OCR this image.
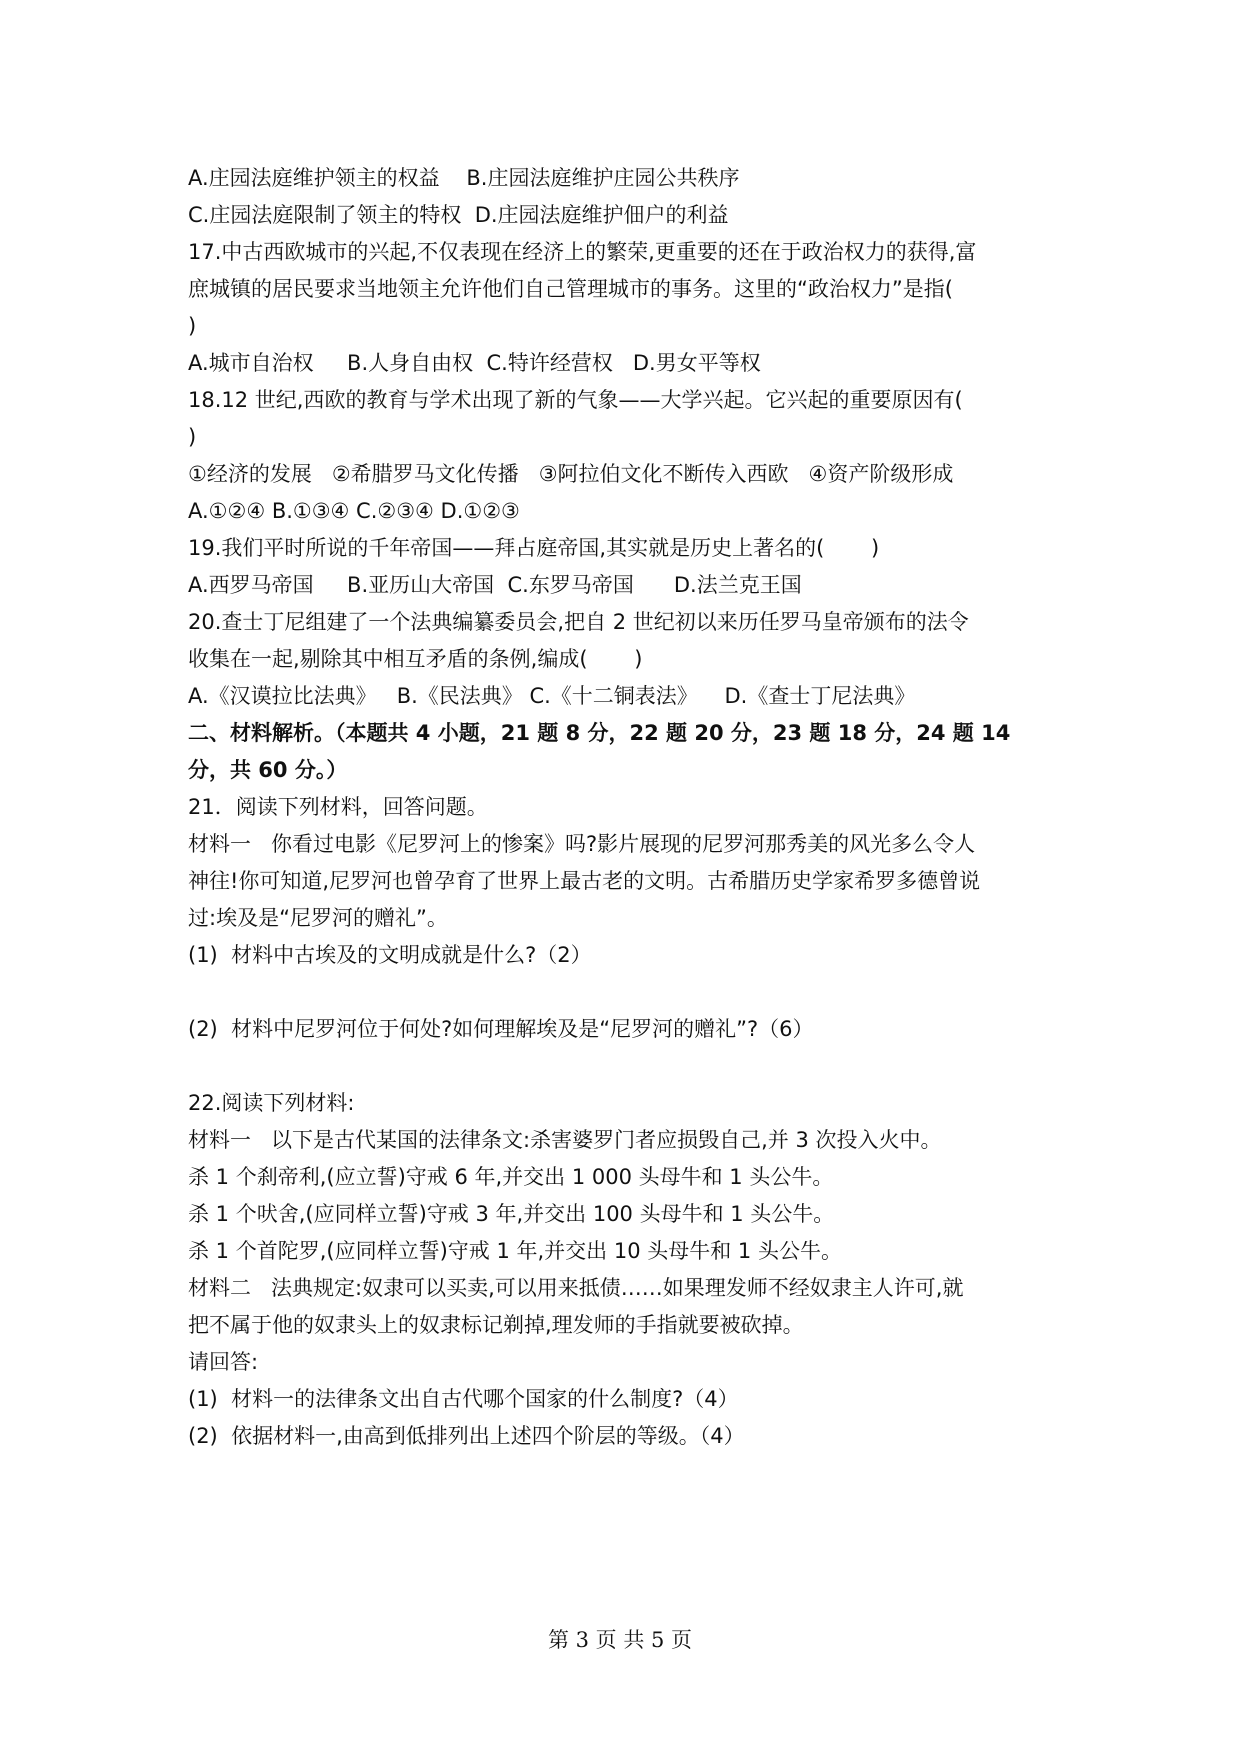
A.庄园法庭维护领主的权益    B.庄园法庭维护庄园公共秩序
C.庄园法庭限制了领主的特权  D.庄园法庭维护佃户的利益
17.中古西欧城市的兴起,不仅表现在经济上的繁荣,更重要的还在于政治权力的获得,富
庶城镇的居民要求当地领主允许他们自己管理城市的事务。这里的“政治权力”是指(
)
A.城市自治权     B.人身自由权  C.特许经营权   D.男女平等权
18.12 世纪,西欧的教育与学术出现了新的气象——大学兴起。它兴起的重要原因有(
)
①经济的发展   ②希腊罗马文化传播   ③阿拉伯文化不断传入西欧   ④资产阶级形成
A.①②④ B.①③④ C.②③④ D.①②③
19.我们平时所说的千年帝国——拜占庭帝国,其实就是历史上著名的(       )
A.西罗马帝国     B.亚历山大帝国  C.东罗马帝国      D.法兰克王国
20.查士丁尼组建了一个法典编纂委员会,把自 2 世纪初以来历任罗马皇帝颁布的法令
收集在一起,剔除其中相互矛盾的条例,编成(       )
A.《汉谟拉比法典》   B.《民法典》 C.《十二铜表法》    D.《查士丁尼法典》
二、材料解析。（本题共 4 小题，21 题 8 分，22 题 20 分，23 题 18 分，24 题 14
分，共 60 分。）
21．阅读下列材料，回答问题。
材料一   你看过电影《尼罗河上的惨案》吗?影片展现的尼罗河那秀美的风光多么令人
神往!你可知道,尼罗河也曾孕育了世界上最古老的文明。古希腊历史学家希罗多德曾说
过:埃及是“尼罗河的赠礼”。
(1)  材料中古埃及的文明成就是什么?（2）
(2)  材料中尼罗河位于何处?如何理解埃及是“尼罗河的赠礼”?（6）
22.阅读下列材料:
材料一   以下是古代某国的法律条文:杀害婆罗门者应损毁自己,并 3 次投入火中。
杀 1 个刹帝利,(应立誓)守戒 6 年,并交出 1 000 头母牛和 1 头公牛。
杀 1 个吠舍,(应同样立誓)守戒 3 年,并交出 100 头母牛和 1 头公牛。
杀 1 个首陀罗,(应同样立誓)守戒 1 年,并交出 10 头母牛和 1 头公牛。
材料二   法典规定:奴隶可以买卖,可以用来抵债……如果理发师不经奴隶主人许可,就
把不属于他的奴隶头上的奴隶标记剃掉,理发师的手指就要被砍掉。
请回答:
(1)  材料一的法律条文出自古代哪个国家的什么制度?（4）
(2)  依据材料一,由高到低排列出上述四个阶层的等级。（4）
第 3 页 共 5 页
